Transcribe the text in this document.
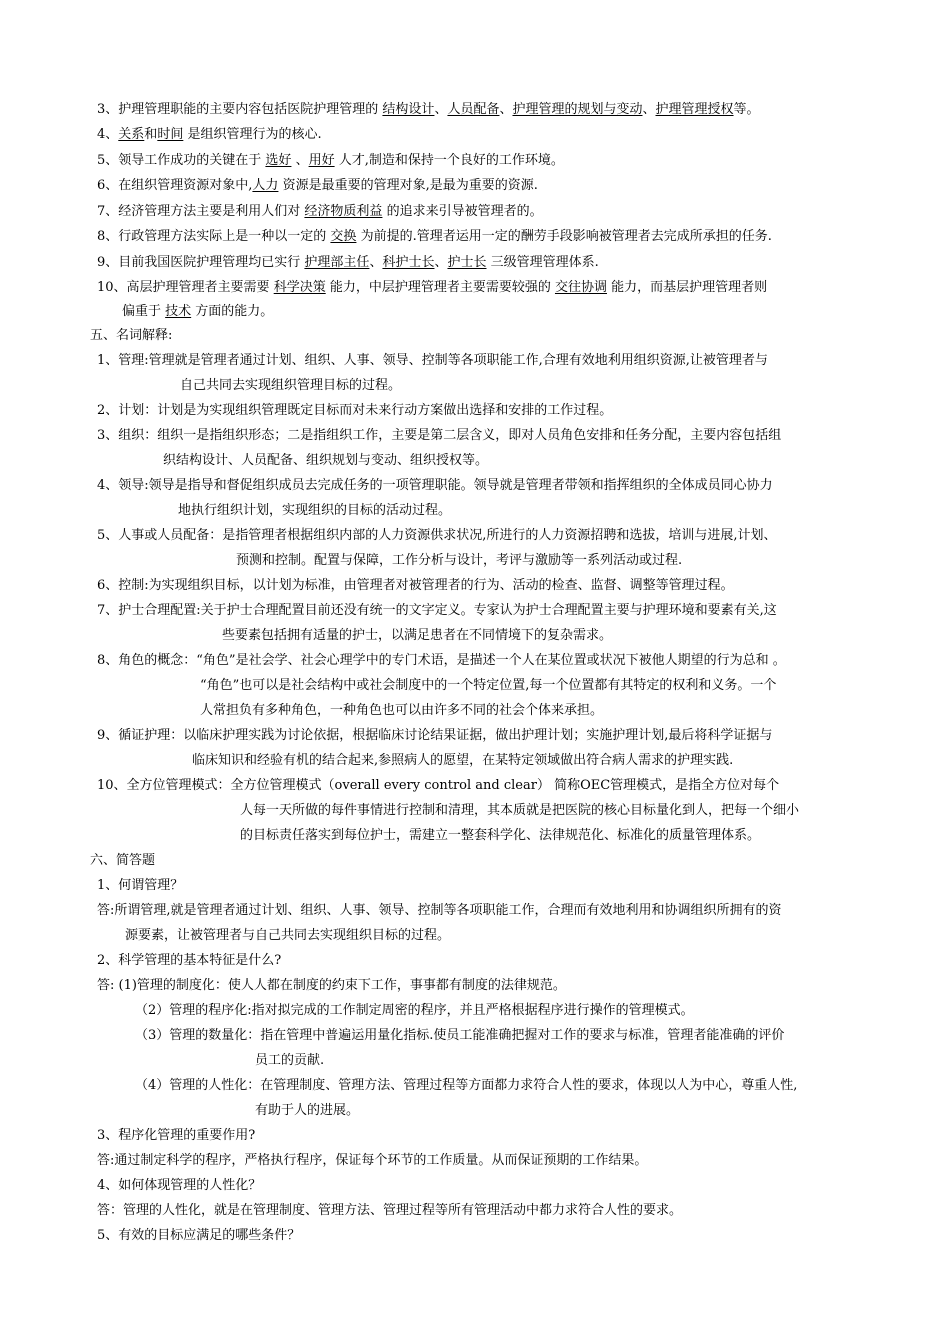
3、护理管理职能的主要内容包括医院护理管理的 结构设计、人员配备、护理管理的规划与变动、护理管理授权等。
4、关系和时间 是组织管理行为的核心.
5、领导工作成功的关键在于 选好 、用好 人才,制造和保持一个良好的工作环境。
6、在组织管理资源对象中,人力 资源是最重要的管理对象,是最为重要的资源.
7、经济管理方法主要是利用人们对 经济物质利益 的追求来引导被管理者的。
8、行政管理方法实际上是一种以一定的 交换 为前提的.管理者运用一定的酬劳手段影响被管理者去完成所承担的任务.
9、目前我国医院护理管理均已实行 护理部主任、科护士长、护士长 三级管理管理体系.
10、高层护理管理者主要需要 科学决策 能力，中层护理管理者主要需要较强的 交往协调 能力，而基层护理管理者则
偏重于 技术 方面的能力。
五、名词解释:
1、管理:管理就是管理者通过计划、组织、人事、领导、控制等各项职能工作,合理有效地利用组织资源,让被管理者与
自己共同去实现组织管理目标的过程。
2、计划：计划是为实现组织管理既定目标而对未来行动方案做出选择和安排的工作过程。
3、组织：组织一是指组织形态；二是指组织工作，主要是第二层含义，即对人员角色安排和任务分配，主要内容包括组
织结构设计、人员配备、组织规划与变动、组织授权等。
4、领导:领导是指导和督促组织成员去完成任务的一项管理职能。领导就是管理者带领和指挥组织的全体成员同心协力
地执行组织计划，实现组织的目标的活动过程。
5、人事或人员配备：是指管理者根据组织内部的人力资源供求状况,所进行的人力资源招聘和选拔，培训与进展,计划、
预测和控制。配置与保障，工作分析与设计，考评与激励等一系列活动或过程.
6、控制:为实现组织目标，以计划为标准，由管理者对被管理者的行为、活动的检查、监督、调整等管理过程。
7、护士合理配置:关于护士合理配置目前还没有统一的文字定义。专家认为护士合理配置主要与护理环境和要素有关,这
些要素包括拥有适量的护士，以满足患者在不同情境下的复杂需求。
8、角色的概念：“角色”是社会学、社会心理学中的专门术语，是描述一个人在某位置或状况下被他人期望的行为总和 。
“角色”也可以是社会结构中或社会制度中的一个特定位置,每一个位置都有其特定的权利和义务。一个
人常担负有多种角色，一种角色也可以由许多不同的社会个体来承担。
9、循证护理：以临床护理实践为讨论依据，根据临床讨论结果证据，做出护理计划；实施护理计划,最后将科学证据与
临床知识和经验有机的结合起来,参照病人的愿望，在某特定领域做出符合病人需求的护理实践.
10、全方位管理模式：全方位管理模式（overall every control and clear） 简称OEC管理模式，是指全方位对每个
人每一天所做的每件事情进行控制和清理，其本质就是把医院的核心目标量化到人，把每一个细小
的目标责任落实到每位护士，需建立一整套科学化、法律规范化、标准化的质量管理体系。
六、简答题
1、何谓管理？
答:所谓管理,就是管理者通过计划、组织、人事、领导、控制等各项职能工作，合理而有效地利用和协调组织所拥有的资
源要素，让被管理者与自己共同去实现组织目标的过程。
2、科学管理的基本特征是什么?
答: (1)管理的制度化：使人人都在制度的约束下工作，事事都有制度的法律规范。
（2）管理的程序化:指对拟完成的工作制定周密的程序，并且严格根据程序进行操作的管理模式。
（3）管理的数量化：指在管理中普遍运用量化指标.使员工能准确把握对工作的要求与标准，管理者能准确的评价
员工的贡献.
（4）管理的人性化：在管理制度、管理方法、管理过程等方面都力求符合人性的要求，体现以人为中心，尊重人性,
有助于人的进展。
3、程序化管理的重要作用?
答:通过制定科学的程序，严格执行程序，保证每个环节的工作质量。从而保证预期的工作结果。
4、如何体现管理的人性化？
答：管理的人性化，就是在管理制度、管理方法、管理过程等所有管理活动中都力求符合人性的要求。
5、有效的目标应满足的哪些条件？
